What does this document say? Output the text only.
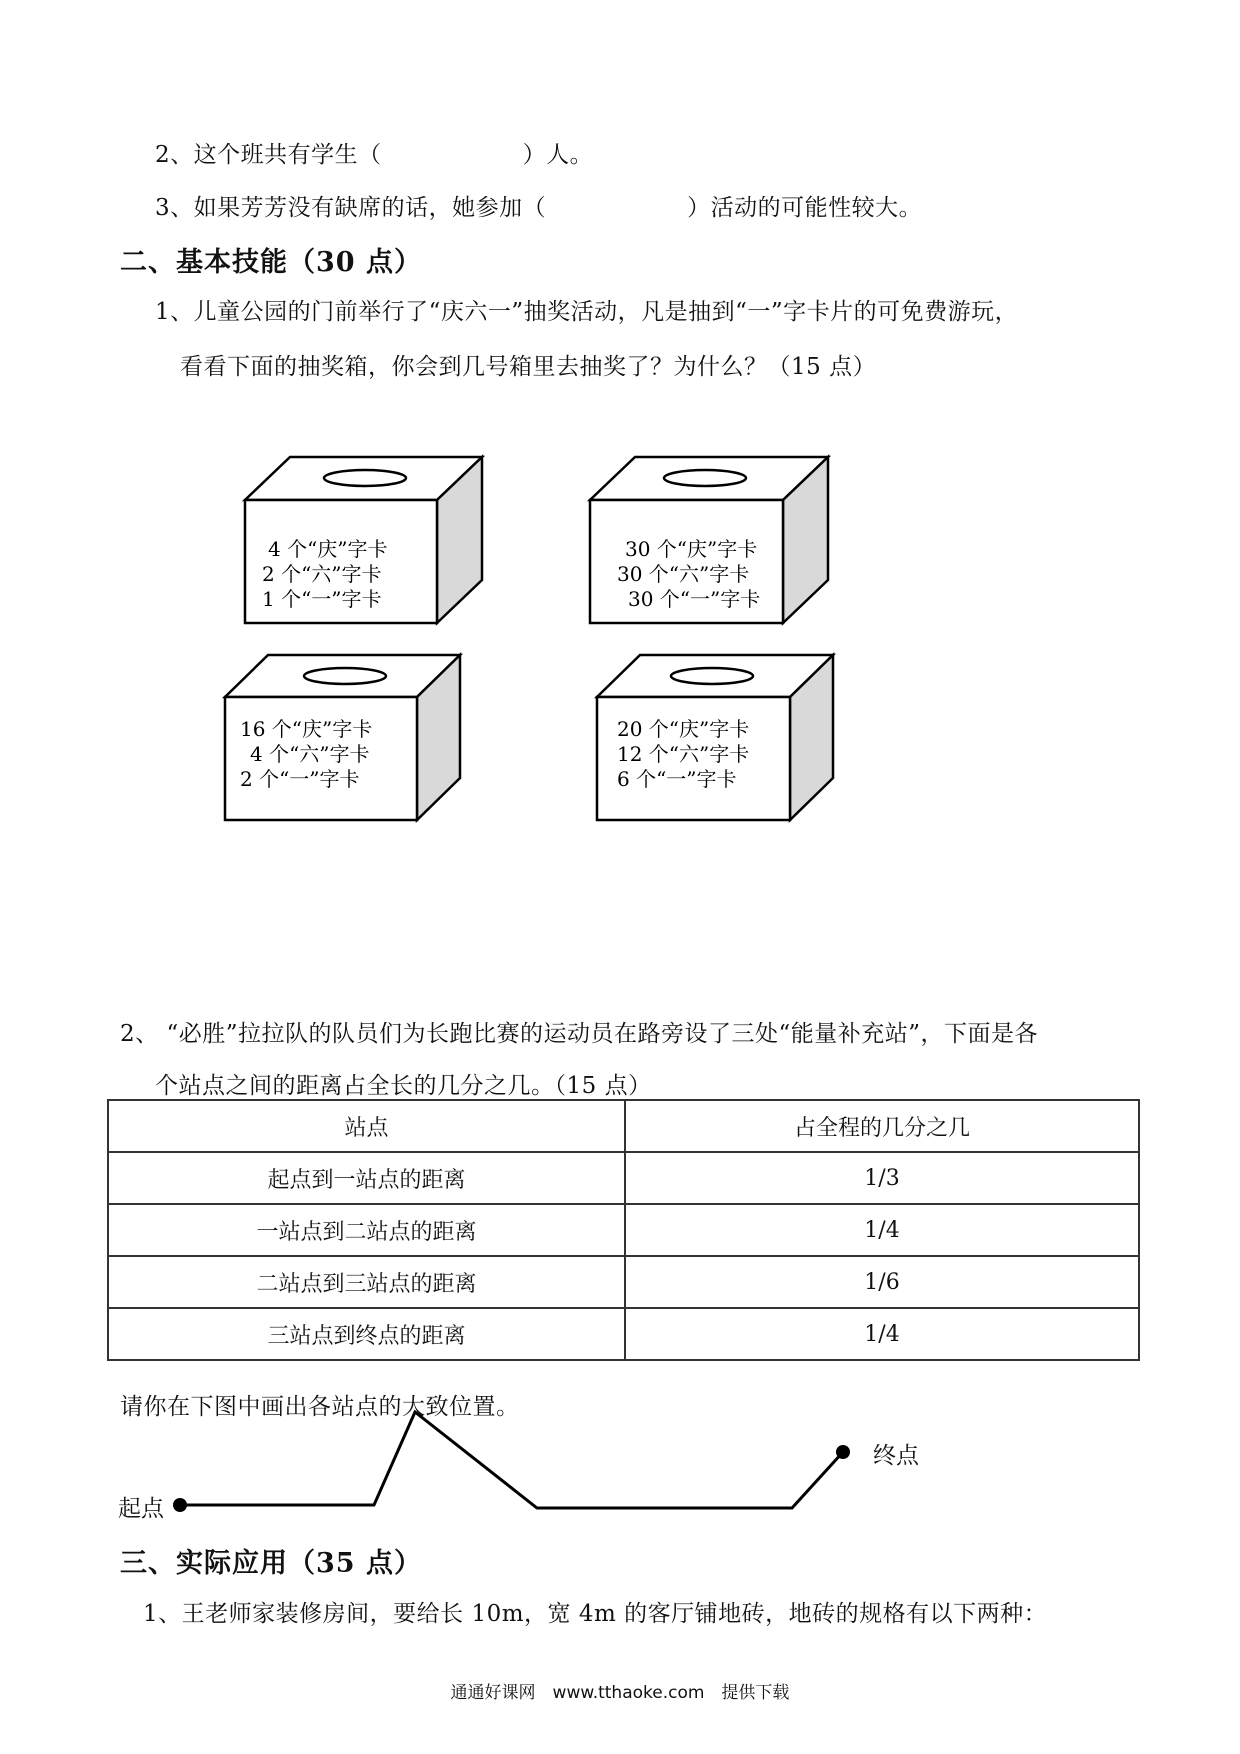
2、这个班共有学生（　　　　　　）人。
3、如果芳芳没有缺席的话，她参加（　　　　　　）活动的可能性较大。
二、基本技能（30 点）
1、儿童公园的门前举行了“庆六一”抽奖活动，凡是抽到“一”字卡片的可免费游玩，
看看下面的抽奖箱，你会到几号箱里去抽奖了？为什么？（15 点）
4 个“庆”字卡
2 个“六”字卡
1 个“一”字卡
30 个“庆”字卡
30 个“六”字卡
30 个“一”字卡
16 个“庆”字卡
4 个“六”字卡
2 个“一”字卡
20 个“庆”字卡
12 个“六”字卡
6 个“一”字卡
2、 “必胜”拉拉队的队员们为长跑比赛的运动员在路旁设了三处“能量补充站”，下面是各
个站点之间的距离占全长的几分之几。（15 点）
站点	占全程的几分之几
起点到一站点的距离	1/3
一站点到二站点的距离	1/4
二站点到三站点的距离	1/6
三站点到终点的距离	1/4
请你在下图中画出各站点的大致位置。
起点
终点
三、实际应用（35 点）
1、王老师家装修房间，要给长 10m，宽 4m 的客厅铺地砖，地砖的规格有以下两种：
通通好课网　www.tthaoke.com　提供下载
